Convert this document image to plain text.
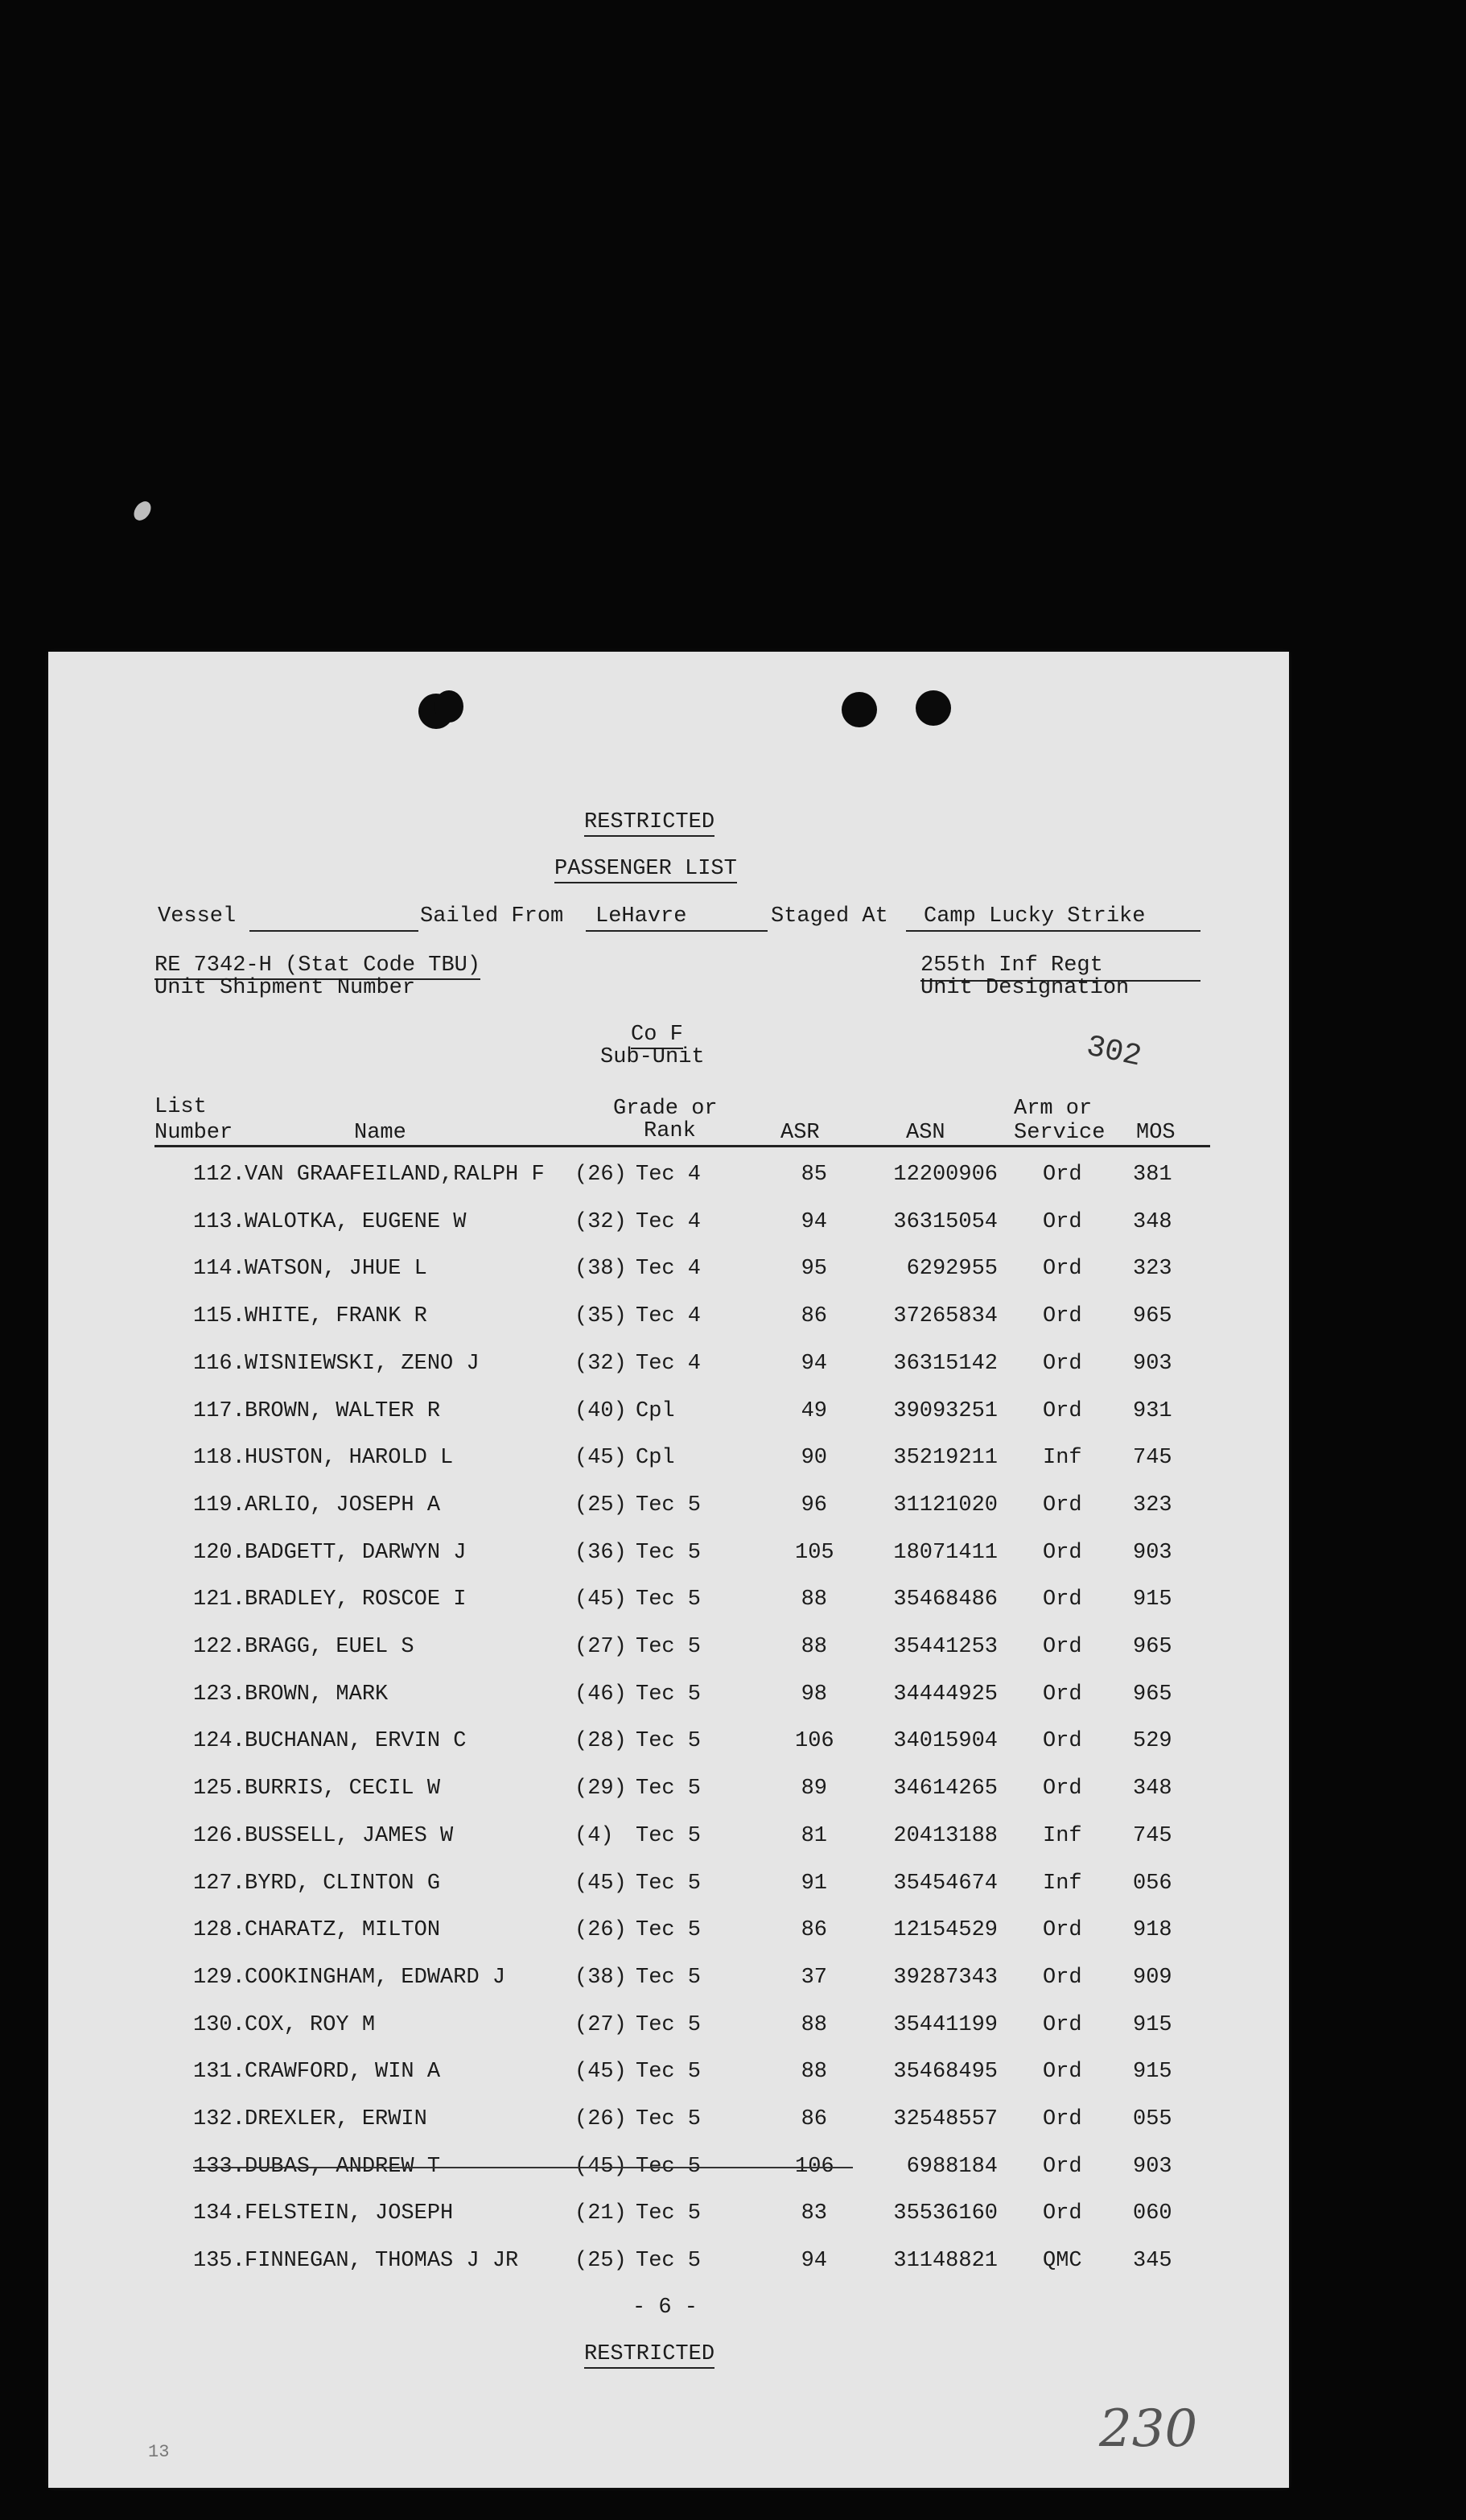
RESTRICTED
PASSENGER LIST
Vessel	Sailed From LeHavre	Staged At Camp Lucky Strike
RE 7342-H (Stat Code TBU)
Unit Shipment Number
255th Inf Regt
Unit Designation
Co F
Sub-Unit	302
List
Number	Name
Grade or
Rank	ASR	ASN
Arm or
Service MOS
112. VAN GRAAFEILAND,RALPH F (26) Tec 4	85	12200906 Ord 381
113. WALOTKA, EUGENE W	(32) Tec 4	94	36315054 Ord 348
114. WATSON, JHUE L	(38) Tec 4	95	6292955 Ord 323
115. WHITE, FRANK R	(35) Tec 4	86	37265834 Ord 965
116. WISNIEWSKI, ZENO J	(32) Tec 4	94	36315142 Ord 903
117. BROWN, WALTER R	(40) Cpl	49	39093251 Ord 931
118. HUSTON, HAROLD L	(45) Cpl	90	35219211 Inf 745
119. ARLIO, JOSEPH A	(25) Tec 5	96	31121020 Ord 323
120. BADGETT, DARWYN J	(36) Tec 5	105	18071411 Ord 903
121. BRADLEY, ROSCOE I	(45) Tec 5	88	35468486 Ord 915
122. BRAGG, EUEL S	(27) Tec 5	88	35441253 Ord 965
123. BROWN, MARK	(46) Tec 5	98	34444925 Ord 965
124. BUCHANAN, ERVIN C	(28) Tec 5	106	34015904 Ord 529
125. BURRIS, CECIL W	(29) Tec 5	89	34614265 Ord 348
126. BUSSELL, JAMES W	(4) Tec 5	81	20413188 Inf 745
127. BYRD, CLINTON G	(45) Tec 5	91	35454674 Inf 056
128. CHARATZ, MILTON	(26) Tec 5	86	12154529 Ord 918
129. COOKINGHAM, EDWARD J	(38) Tec 5	37	39287343 Ord 909
130. COX, ROY M	(27) Tec 5	88	35441199 Ord 915
131. CRAWFORD, WIN A	(45) Tec 5	88	35468495 Ord 915
132. DREXLER, ERWIN	(26) Tec 5	86	32548557 Ord 055
133. DUBAS, ANDREW T	(45) Tec 5	106	6988184 Ord 903
134. FELSTEIN, JOSEPH	(21) Tec 5	83	35536160 Ord 060
135. FINNEGAN, THOMAS J JR	(25) Tec 5	94	31148821 QMC 345
- 6 -
RESTRICTED
13	230
